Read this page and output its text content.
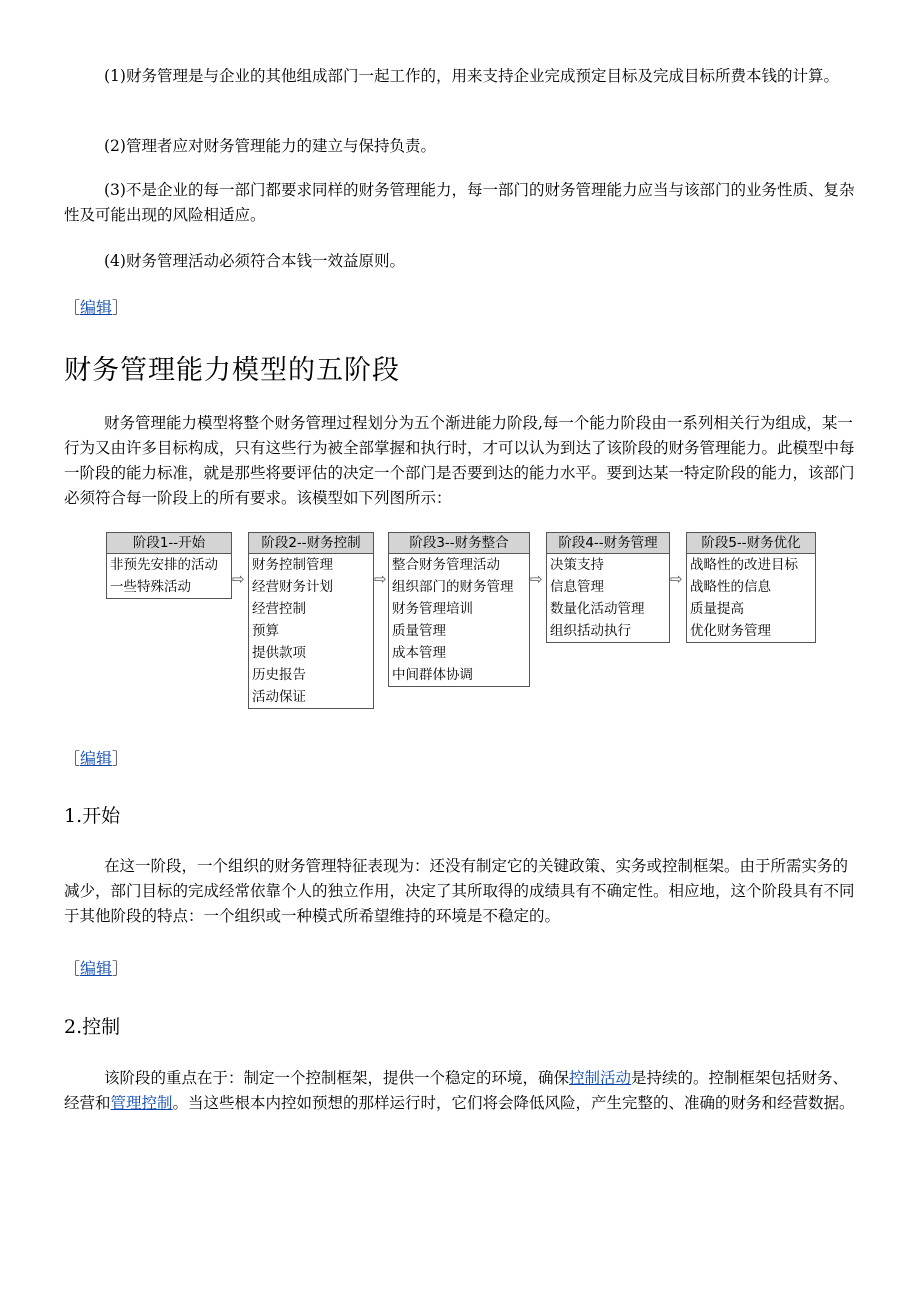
(1)财务管理是与企业的其他组成部门一起工作的，用来支持企业完成预定目标及完成目标所费本钱的计算。

(2)管理者应对财务管理能力的建立与保持负责。

(3)不是企业的每一部门都要求同样的财务管理能力，每一部门的财务管理能力应当与该部门的业务性质、复杂性及可能出现的风险相适应。

(4)财务管理活动必须符合本钱一效益原则。

［编辑］
财务管理能力模型的五阶段

财务管理能力模型将整个财务管理过程划分为五个渐进能力阶段,每一个能力阶段由一系列相关行为组成，某一行为又由许多目标构成，只有这些行为被全部掌握和执行时，才可以认为到达了该阶段的财务管理能力。此模型中每一阶段的能力标准，就是那些将要评估的决定一个部门是否要到达的能力水平。要到达某一特定阶段的能力，该部门必须符合每一阶段上的所有要求。该模型如下列图所示：

阶段1--开始
非预先安排的活动
一些特殊活动	⇨
阶段2--财务控制
财务控制管理
经营财务计划
经营控制
预算
提供款项
历史报告
活动保证
⇨
阶段3--财务整合
整合财务管理活动
组织部门的财务管理
财务管理培训
质量管理
成本管理
中间群体协调
⇨
阶段4--财务管理
决策支持
信息管理
数量化活动管理
组织括动执行
⇨
阶段5--财务优化
战略性的改进目标
战略性的信息
质量提高
优化财务管理
［编辑］
1.开始

在这一阶段，一个组织的财务管理特征表现为：还没有制定它的关键政策、实务或控制框架。由于所需实务的减少，部门目标的完成经常依靠个人的独立作用，决定了其所取得的成绩具有不确定性。相应地，这个阶段具有不同于其他阶段的特点：一个组织或一种模式所希望维持的环境是不稳定的。

［编辑］
2.控制

该阶段的重点在于：制定一个控制框架，提供一个稳定的环境，确保控制活动是持续的。控制框架包括财务、经营和管理控制。当这些根本内控如预想的那样运行时，它们将会降低风险，产生完整的、准确的财务和经营数据。
